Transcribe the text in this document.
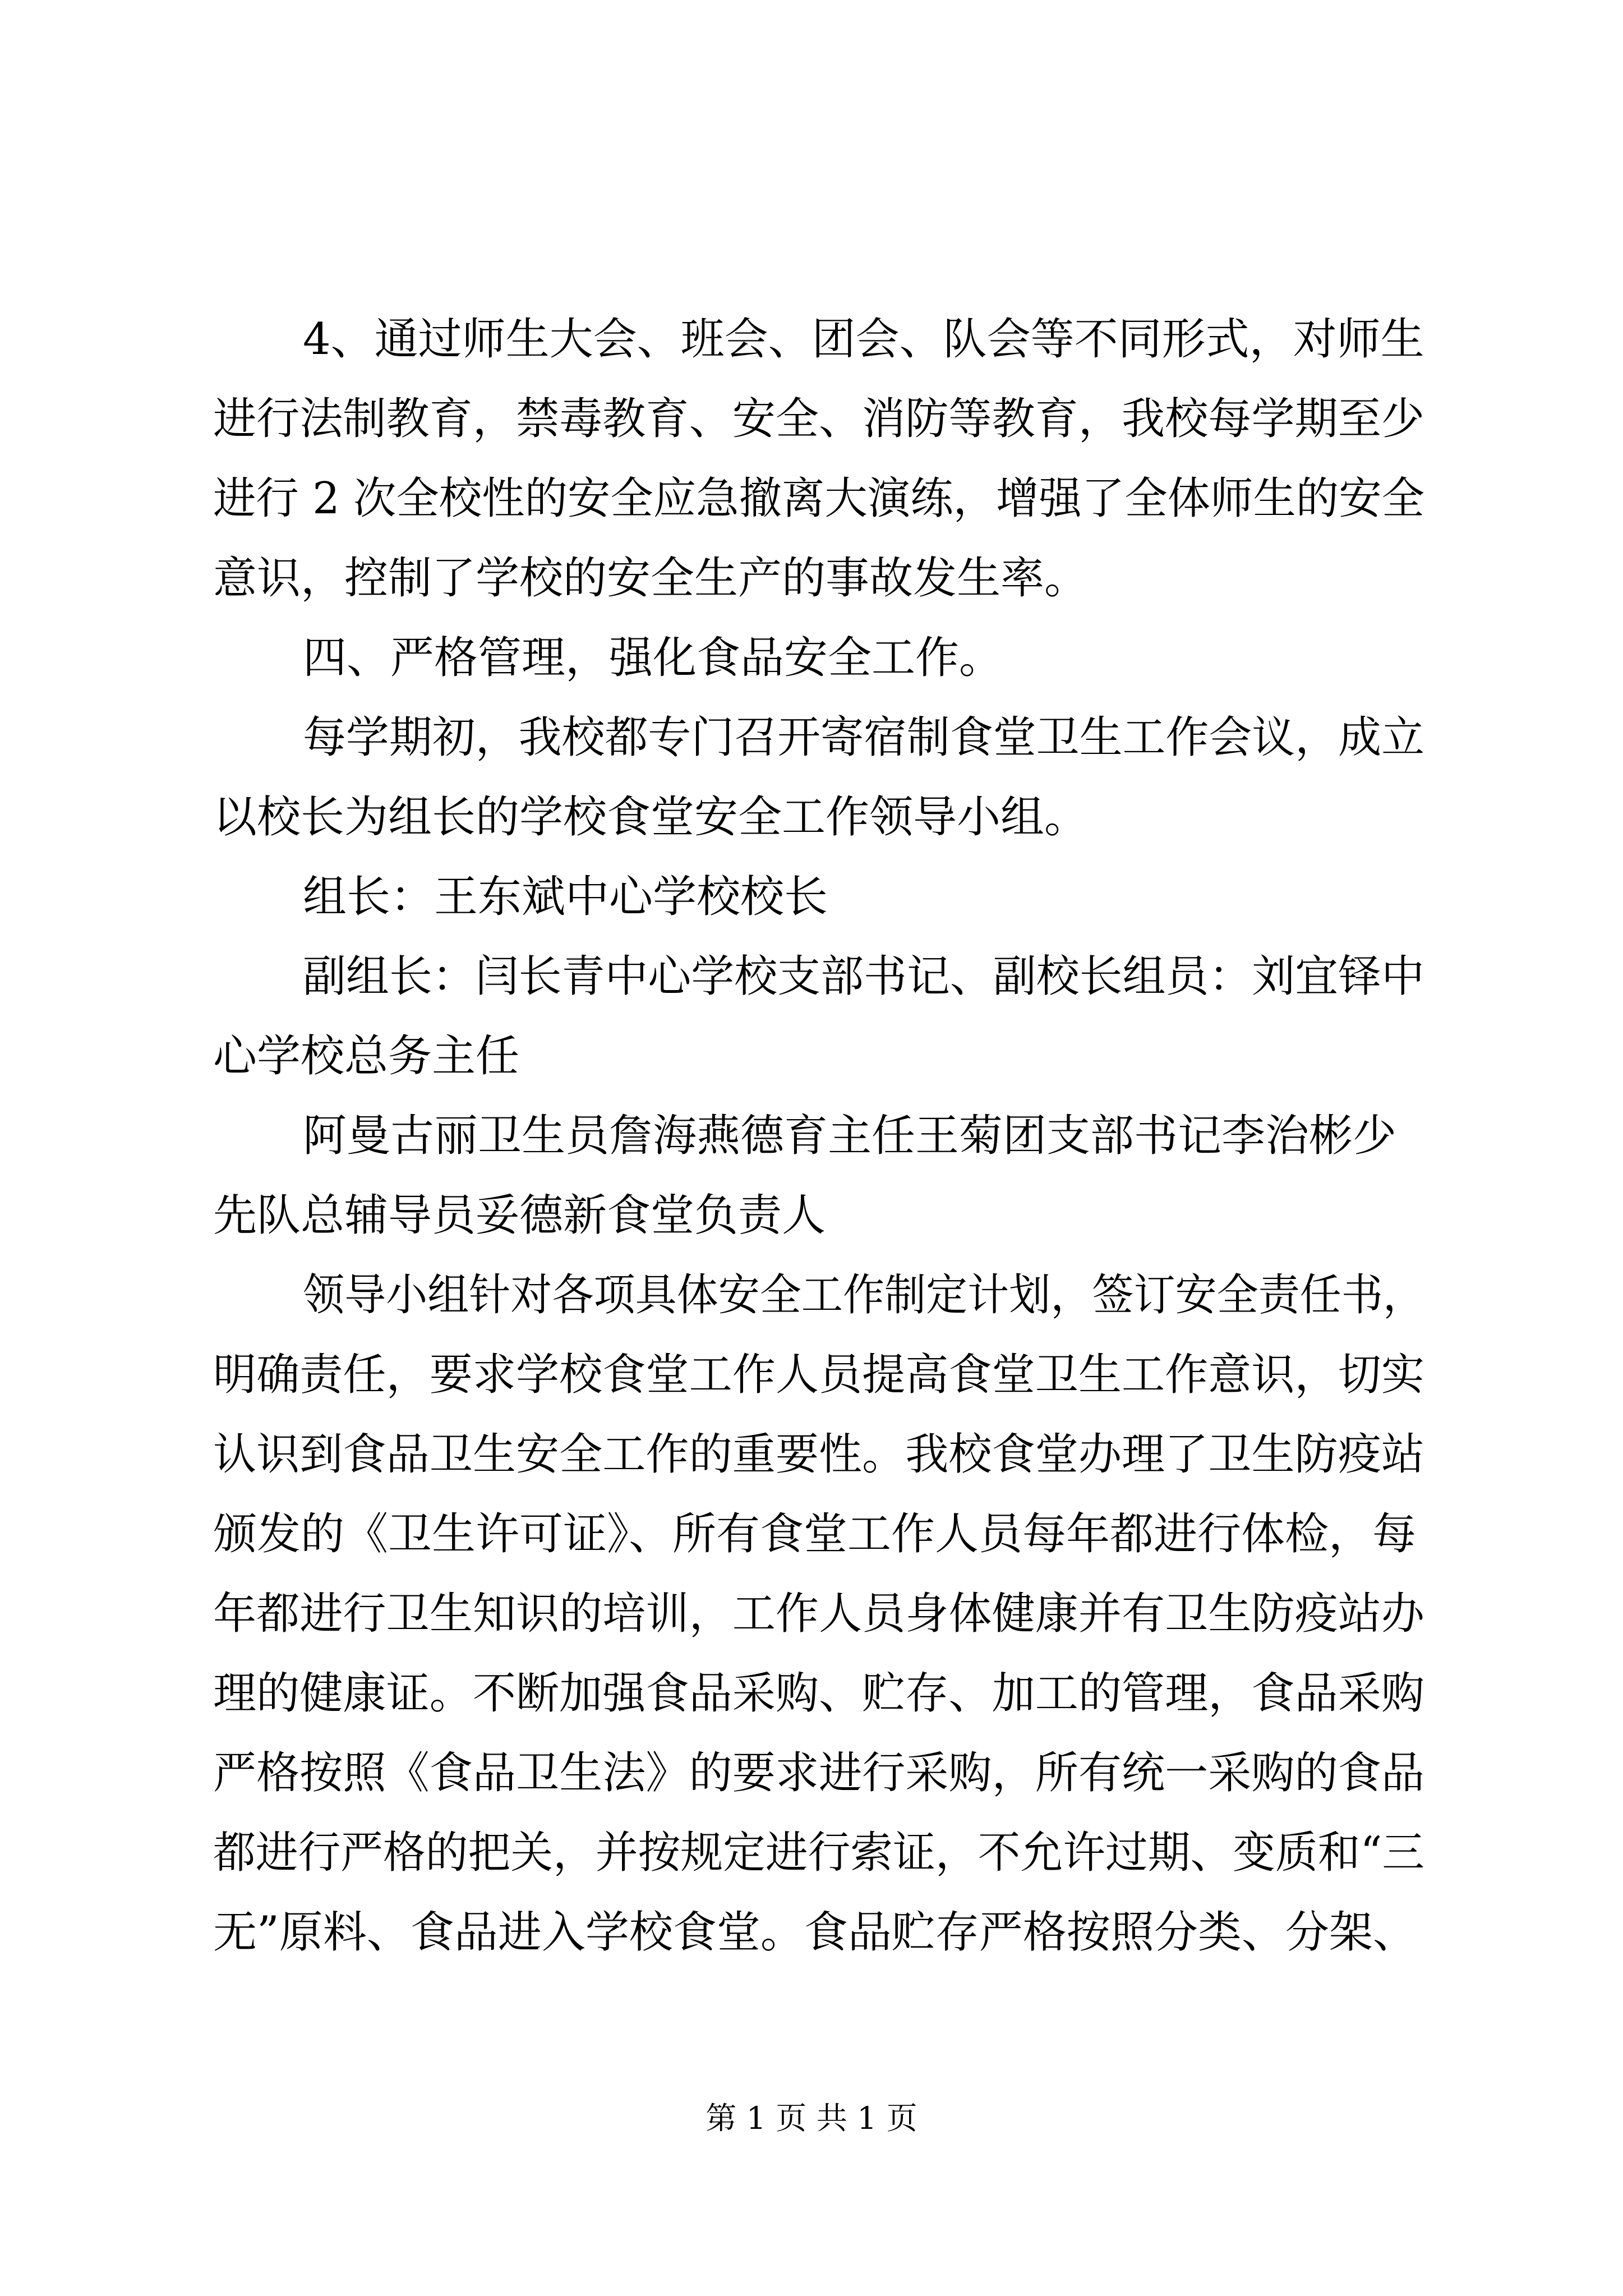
4、通过师生大会、班会、团会、队会等不同形式，对师生
进行法制教育，禁毒教育、安全、消防等教育，我校每学期至少
进行 2 次全校性的安全应急撤离大演练，增强了全体师生的安全
意识，控制了学校的安全生产的事故发生率。
四、严格管理，强化食品安全工作。
每学期初，我校都专门召开寄宿制食堂卫生工作会议，成立
以校长为组长的学校食堂安全工作领导小组。
组长：王东斌中心学校校长
副组长：闫长青中心学校支部书记、副校长组员：刘宜铎中
心学校总务主任
阿曼古丽卫生员詹海燕德育主任王菊团支部书记李治彬少
先队总辅导员妥德新食堂负责人
领导小组针对各项具体安全工作制定计划，签订安全责任书，
明确责任，要求学校食堂工作人员提高食堂卫生工作意识，切实
认识到食品卫生安全工作的重要性。我校食堂办理了卫生防疫站
颁发的《卫生许可证》、所有食堂工作人员每年都进行体检，每
年都进行卫生知识的培训，工作人员身体健康并有卫生防疫站办
理的健康证。不断加强食品采购、贮存、加工的管理，食品采购
严格按照《食品卫生法》的要求进行采购，所有统一采购的食品
都进行严格的把关，并按规定进行索证，不允许过期、变质和“三
无”原料、食品进入学校食堂。食品贮存严格按照分类、分架、
第 1 页 共 1 页
